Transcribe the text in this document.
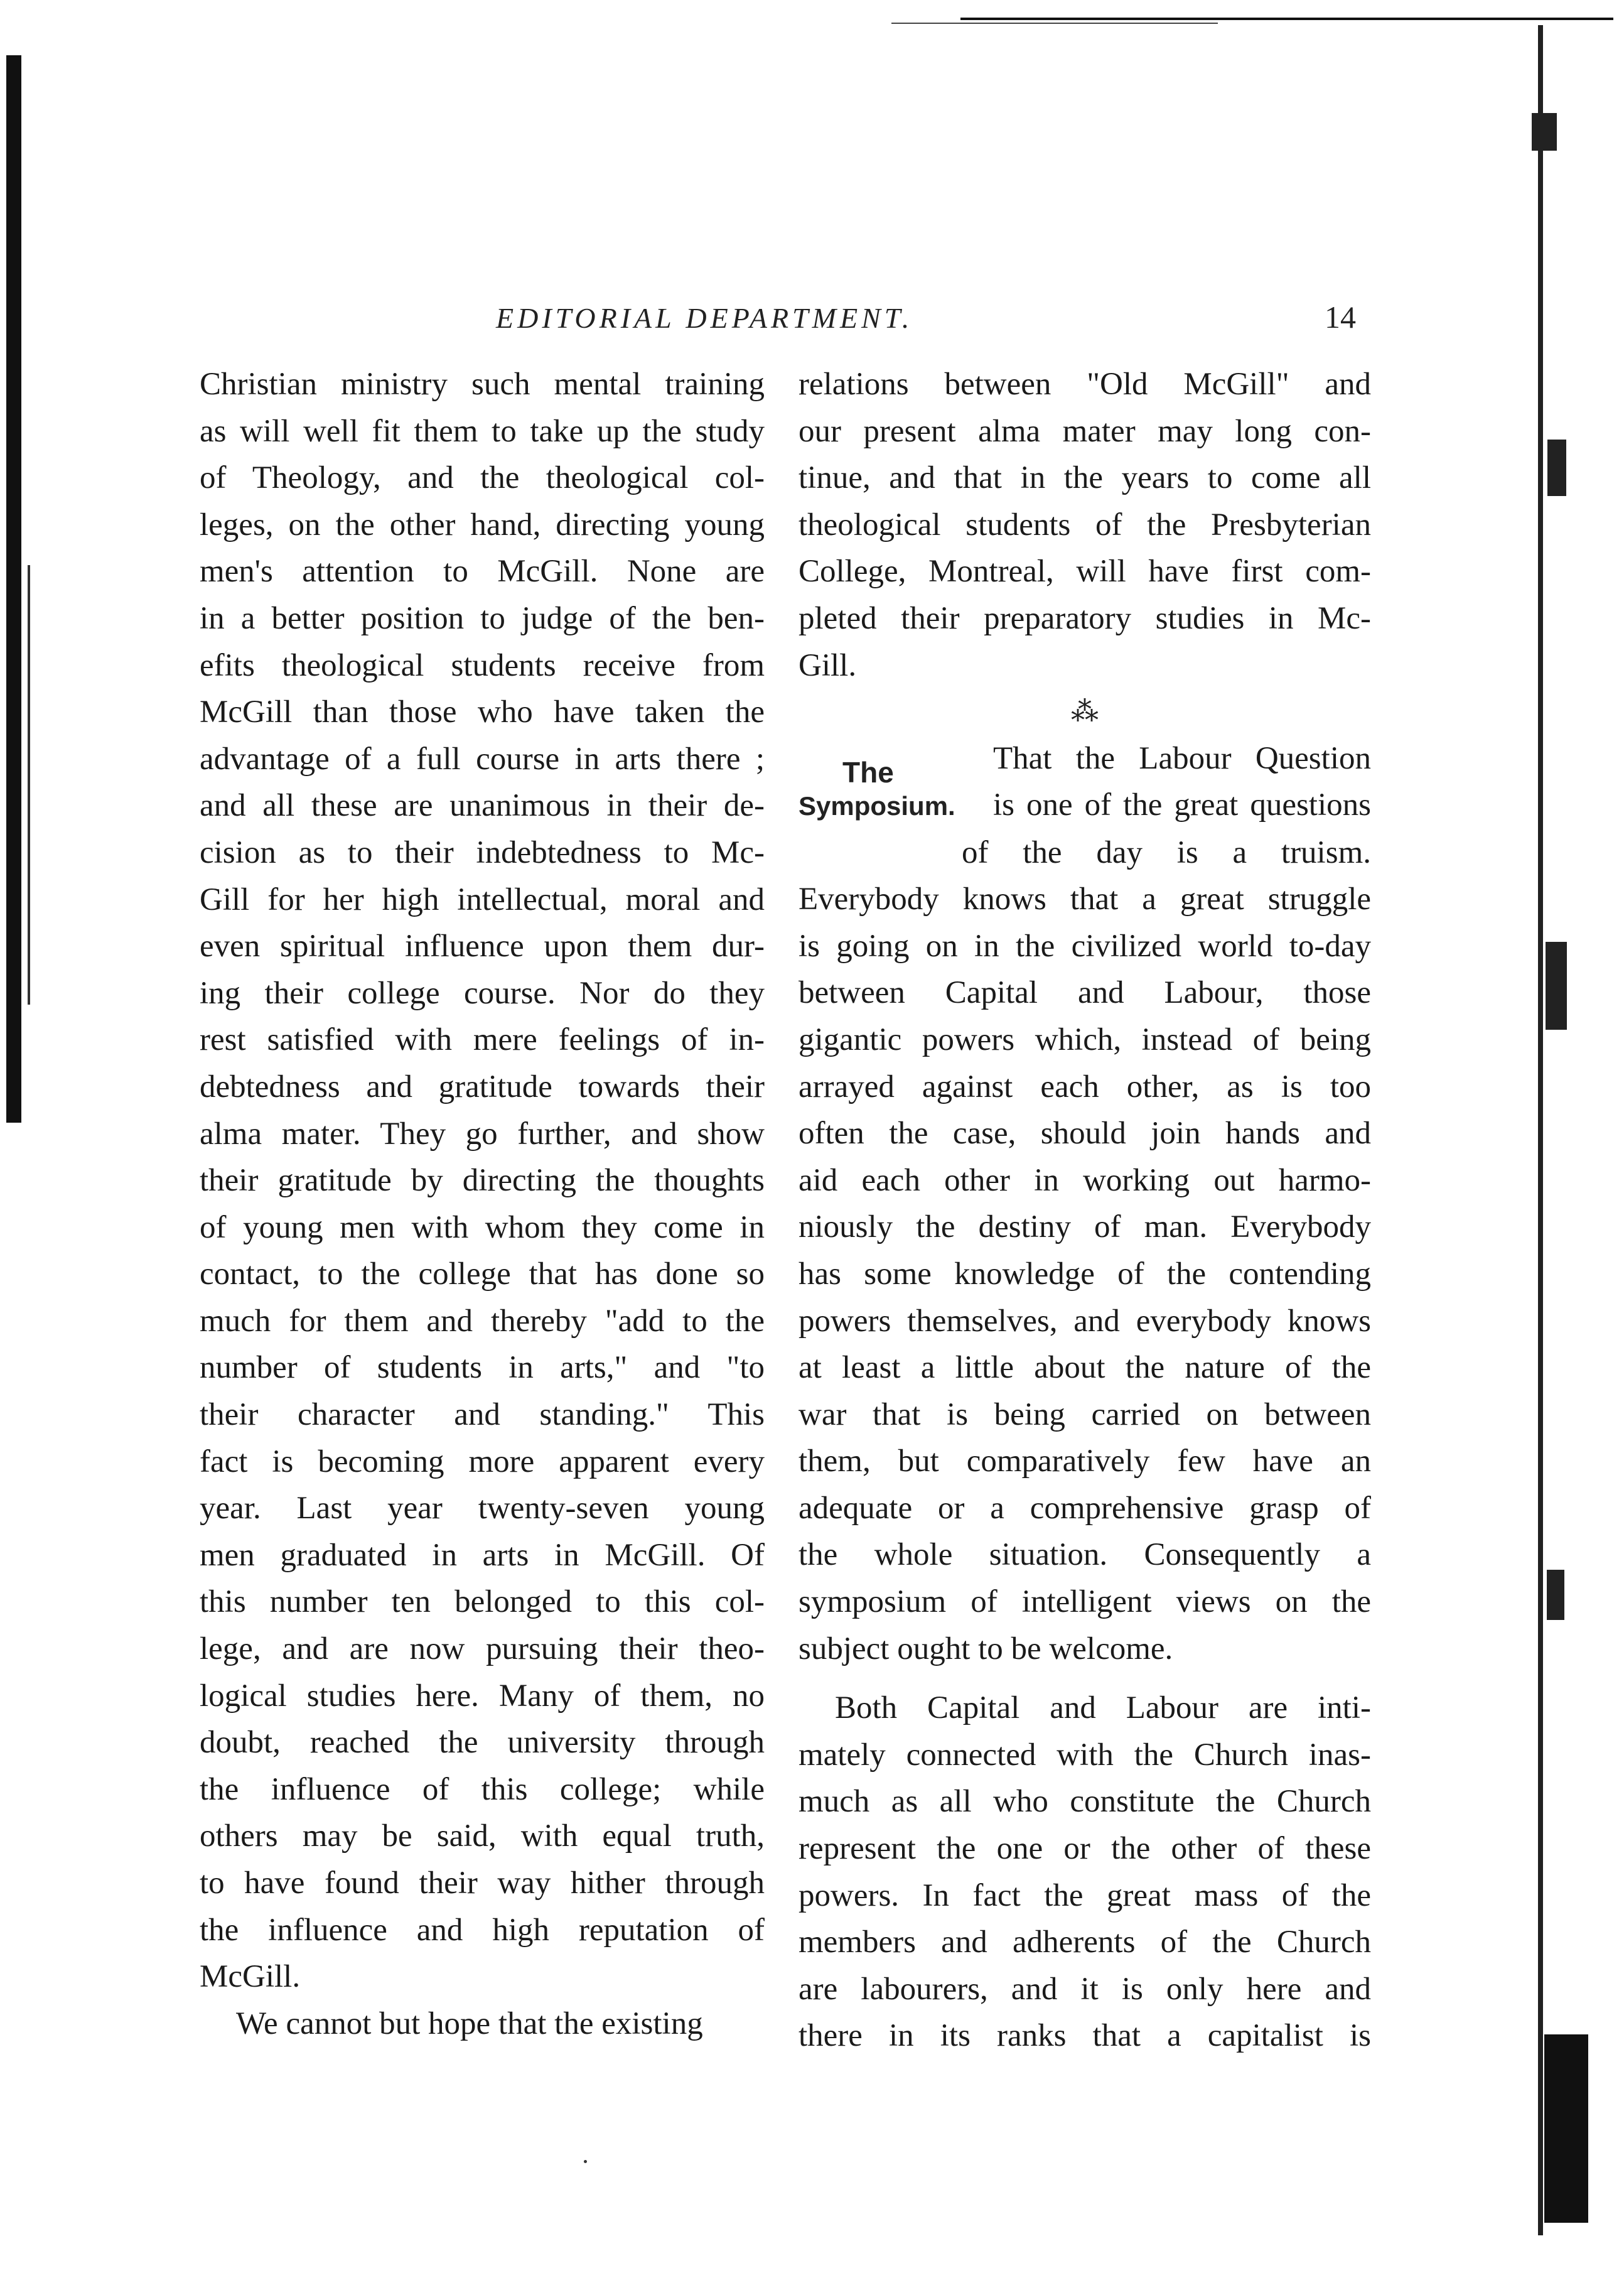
EDITORIAL DEPARTMENT.	14

Christian ministry such mental training

as will well fit them to take up the study

of Theology, and the theological col-

leges, on the other hand, directing young

men's attention to McGill. None are

in a better position to judge of the ben-

efits theological students receive from

McGill than those who have taken the

advantage of a full course in arts there ;

and all these are unanimous in their de-

cision as to their indebtedness to Mc-

Gill for her high intellectual, moral and

even spiritual influence upon them dur-

ing their college course. Nor do they

rest satisfied with mere feelings of in-

debtedness and gratitude towards their

alma mater. They go further, and show

their gratitude by directing the thoughts

of young men with whom they come in

contact, to the college that has done so

much for them and thereby "add to the

number of students in arts," and "to

their character and standing." This

fact is becoming more apparent every

year. Last year twenty-seven young

men graduated in arts in McGill. Of

this number ten belonged to this col-

lege, and are now pursuing their theo-

logical studies here. Many of them, no

doubt, reached the university through

the influence of this college; while

others may be said, with equal truth,

to have found their way hither through

the influence and high reputation of

McGill.

We cannot but hope that the existing

relations between "Old McGill" and

our present alma mater may long con-

tinue, and that in the years to come all

theological students of the Presbyterian

College, Montreal, will have first com-

pleted their preparatory studies in Mc-

Gill.

⁂
The
Symposium.
That the Labour Question
is one of the great questions
of the day is a truism.

Everybody knows that a great struggle

is going on in the civilized world to-day

between Capital and Labour, those

gigantic powers which, instead of being

arrayed against each other, as is too

often the case, should join hands and

aid each other in working out harmo-

niously the destiny of man. Everybody

has some knowledge of the contending

powers themselves, and everybody knows

at least a little about the nature of the

war that is being carried on between

them, but comparatively few have an

adequate or a comprehensive grasp of

the whole situation. Consequently a

symposium of intelligent views on the

subject ought to be welcome.

Both Capital and Labour are inti-

mately connected with the Church inas-

much as all who constitute the Church

represent the one or the other of these

powers. In fact the great mass of the

members and adherents of the Church

are labourers, and it is only here and

there in its ranks that a capitalist is
